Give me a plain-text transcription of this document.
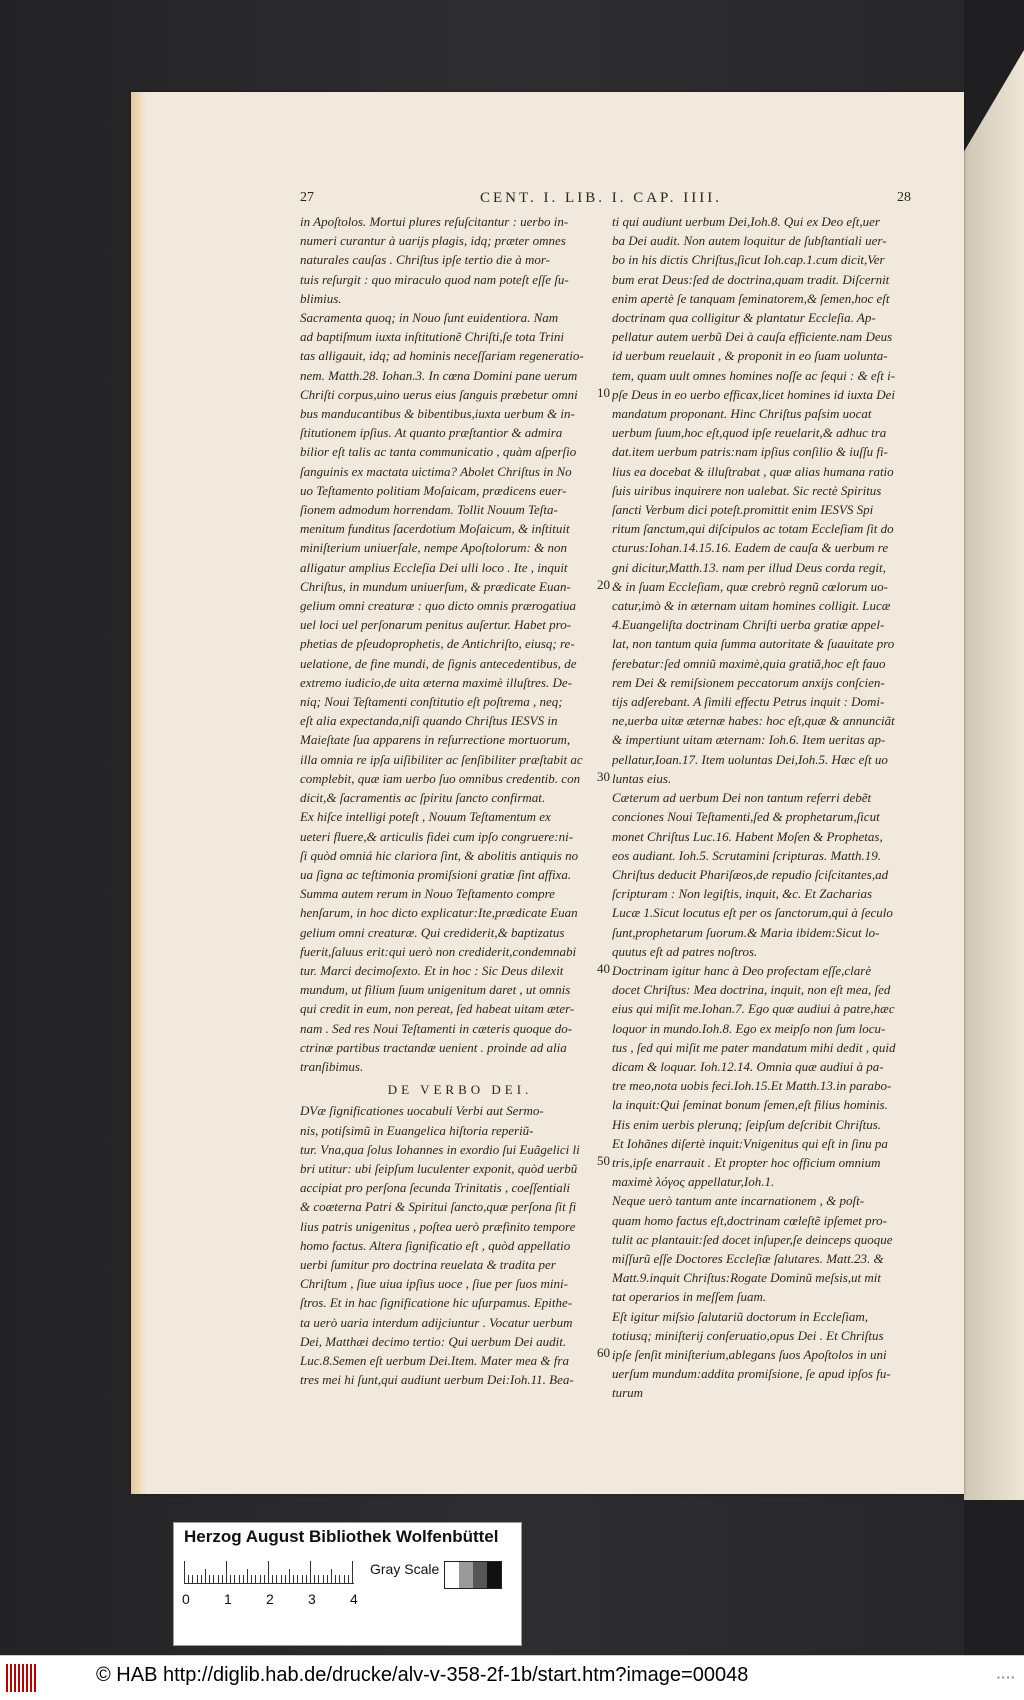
27	CENT. I. LIB. I. CAP. IIII.	28
in Apoſtolos. Mortui plures reſuſcitantur : uerbo in-
numeri curantur à uarijs plagis, idq; præter omnes
naturales cauſas . Chriſtus ipſe tertio die à mor-
tuis reſurgit : quo miraculo quod nam poteſt eſſe ſu-
blimius.
Sacramenta quoq; in Nouo ſunt euidentiora. Nam
ad baptiſmum iuxta inſtitutionẽ Chriſti,ſe tota Trini
tas alligauit, idq; ad hominis neceſſariam regeneratio-
nem. Matth.28. Iohan.3. In cœna Domini pane uerum
Chriſti corpus,uino uerus eius ſanguis præbetur omni
bus manducantibus & bibentibus,iuxta uerbum & in-
ſtitutionem ipſius. At quanto præſtantior & admira
bilior eſt talis ac tanta communicatio , quàm aſperſio
ſanguinis ex mactata uictima? Abolet Chriſtus in No
uo Teſtamento politiam Moſaicam, prædicens euer-
ſionem admodum horrendam. Tollit Nouum Teſta-
menitum funditus ſacerdotium Moſaicum, & inſtituit
miniſterium uniuerſale, nempe Apoſtolorum: & non
alligatur amplius Eccleſia Dei ulli loco . Ite , inquit
Chriſtus, in mundum uniuerſum, & prædicate Euan-
gelium omni creaturæ : quo dicto omnis prærogatiua
uel loci uel perſonarum penitus auſertur. Habet pro-
phetias de pſeudoprophetis, de Antichriſto, eiusq; re-
uelatione, de fine mundi, de ſignis antecedentibus, de
extremo iudicio,de uita æterna maximè illuſtres. De-
niq; Noui Teſtamenti conſtitutio eſt poſtrema , neq;
eſt alia expectanda,niſi quando Chriſtus IESVS in
Maieſtate ſua apparens in reſurrectione mortuorum,
illa omnia re ipſa uiſibiliter ac ſenſibiliter præſtabit ac
complebit, quæ iam uerbo ſuo omnibus credentib. con
dicit,& ſacramentis ac ſpiritu ſancto confirmat.
Ex hiſce intelligi poteſt , Nouum Teſtamentum ex
ueteri fluere,& articulis fidei cum ipſo congruere:ni-
ſi quòd omniá hic clariora ſint, & abolitis antiquis no
ua ſigna ac teſtimonia promiſsioni gratiæ ſint affixa.
Summa autem rerum in Nouo Teſtamento compre
henſarum, in hoc dicto explicatur:Ite,prædicate Euan
gelium omni creaturæ. Qui crediderit,& baptizatus
fuerit,ſaluus erit:qui uerò non crediderit,condemnabi
tur. Marci decimoſexto. Et in hoc : Sic Deus dilexit
mundum, ut filium ſuum unigenitum daret , ut omnis
qui credit in eum, non pereat, ſed habeat uitam æter-
nam . Sed res Noui Teſtamenti in cæteris quoque do-
ctrinæ partibus tractandæ uenient . proinde ad alia
tranſibimus.
DE VERBO DEI.
DVæ ſignificationes uocabuli Verbi aut Sermo-
nis, potiſsimũ in Euangelica hiſtoria reperiũ-
tur. Vna,qua ſolus Iohannes in exordio ſui Euãgelici li
bri utitur: ubi ſeipſum luculenter exponit, quòd uerbũ
accipiat pro perſona ſecunda Trinitatis , coeſſentiali
& coæterna Patri & Spiritui ſancto,quæ perſona ſit fi
lius patris unigenitus , poſtea uerò præfinito tempore
homo factus. Altera ſignificatio eſt , quòd appellatio
uerbi ſumitur pro doctrina reuelata & tradita per
Chriſtum , ſiue uiua ipſius uoce , ſiue per ſuos mini-
ſtros. Et in hac ſignificatione hic uſurpamus. Epithe-
ta uerò uaria interdum adijciuntur . Vocatur uerbum
Dei, Matthæi decimo tertio: Qui uerbum Dei audit.
Luc.8.Semen eſt uerbum Dei.Item. Mater mea & fra
tres mei hi ſunt,qui audiunt uerbum Dei:Ioh.11. Bea-
ti qui audiunt uerbum Dei,Ioh.8. Qui ex Deo eſt,uer
ba Dei audit. Non autem loquitur de ſubſtantiali uer-
bo in his dictis Chriſtus,ſicut Ioh.cap.1.cum dicit,Ver
bum erat Deus:ſed de doctrina,quam tradit. Diſcernit
enim apertè ſe tanquam ſeminatorem,& ſemen,hoc eſt
doctrinam qua colligitur & plantatur Eccleſia. Ap-
pellatur autem uerbũ Dei à cauſa efficiente.nam Deus
id uerbum reuelauit , & proponit in eo ſuam uolunta-
tem, quam uult omnes homines noſſe ac ſequi : & eſt i-
pſe Deus in eo uerbo efficax,licet homines id iuxta Dei
mandatum proponant. Hinc Chriſtus paſsim uocat
uerbum ſuum,hoc eſt,quod ipſe reuelarit,& adhuc tra
dat.item uerbum patris:nam ipſius conſilio & iuſſu fi-
lius ea docebat & illuſtrabat , quæ alias humana ratio
ſuis uiribus inquirere non ualebat. Sic rectè Spiritus
ſancti Verbum dici poteſt.promittit enim IESVS Spi
ritum ſanctum,qui diſcipulos ac totam Eccleſiam ſit do
cturus:Iohan.14.15.16. Eadem de cauſa & uerbum re
gni dicitur,Matth.13. nam per illud Deus corda regit,
& in ſuam Eccleſiam, quæ crebrò regnũ cœlorum uo-
catur,imò & in æternam uitam homines colligit. Lucæ
4.Euangeliſta doctrinam Chriſti uerba gratiæ appel-
lat, non tantum quia ſumma autoritate & ſuauitate pro
ferebatur:ſed omniũ maximè,quia gratiã,hoc eſt fauo
rem Dei & remiſsionem peccatorum anxijs conſcien-
tijs adſerebant. A ſimili effectu Petrus inquit : Domi-
ne,uerba uitæ æternæ habes: hoc eſt,quæ & annunciãt
& impertiunt uitam æternam: Ioh.6. Item ueritas ap-
pellatur,Ioan.17. Item uoluntas Dei,Ioh.5. Hæc eſt uo
luntas eius.
Cæterum ad uerbum Dei non tantum referri debẽt
conciones Noui Teſtamenti,ſed & prophetarum,ſicut
monet Chriſtus Luc.16. Habent Moſen & Prophetas,
eos audiant. Ioh.5. Scrutamini ſcripturas. Matth.19.
Chriſtus deducit Phariſæos,de repudio ſciſcitantes,ad
ſcripturam : Non legiſtis, inquit, &c. Et Zacharias
Lucæ 1.Sicut locutus eſt per os ſanctorum,qui à ſeculo
ſunt,prophetarum ſuorum.& Maria ibidem:Sicut lo-
quutus eſt ad patres noſtros.
Doctrinam igitur hanc à Deo profectam eſſe,clarè
docet Chriſtus: Mea doctrina, inquit, non eſt mea, ſed
eius qui miſit me.Iohan.7. Ego quæ audiui à patre,hæc
loquor in mundo.Ioh.8. Ego ex meipſo non ſum locu-
tus , ſed qui miſit me pater mandatum mihi dedit , quid
dicam & loquar. Ioh.12.14. Omnia quæ audiui à pa-
tre meo,nota uobis feci.Ioh.15.Et Matth.13.in parabo-
la inquit:Qui ſeminat bonum ſemen,eſt filius hominis.
His enim uerbis plerunq; ſeipſum deſcribit Chriſtus.
Et Iohãnes diſertè inquit:Vnigenitus qui eſt in ſinu pa
tris,ipſe enarrauit . Et propter hoc officium omnium
maximè λόγος appellatur,Ioh.1.
Neque uerò tantum ante incarnationem , & poſt-
quam homo factus eſt,doctrinam cœleſtẽ ipſemet pro-
tulit ac plantauit:ſed docet inſuper,ſe deinceps quoque
miſſurũ eſſe Doctores Eccleſiæ ſalutares. Matt.23. &
Matt.9.inquit Chriſtus:Rogate Dominũ meſsis,ut mit
tat operarios in meſſem ſuam.
Eſt igitur miſsio ſalutariũ doctorum in Eccleſiam,
totiusq; miniſterij conſeruatio,opus Dei . Et Chriſtus
ipſe ſenſit miniſterium,ablegans ſuos Apoſtolos in uni
uerſum mundum:addita promiſsione, ſe apud ipſos fu-
turum
10
20
30
40
50
60
Herzog August Bibliothek Wolfenbüttel
0 1 2 3 4
Gray Scale
© HAB http://diglib.hab.de/drucke/alv-v-358-2f-1b/start.htm?image=00048	▪▪▪▪
